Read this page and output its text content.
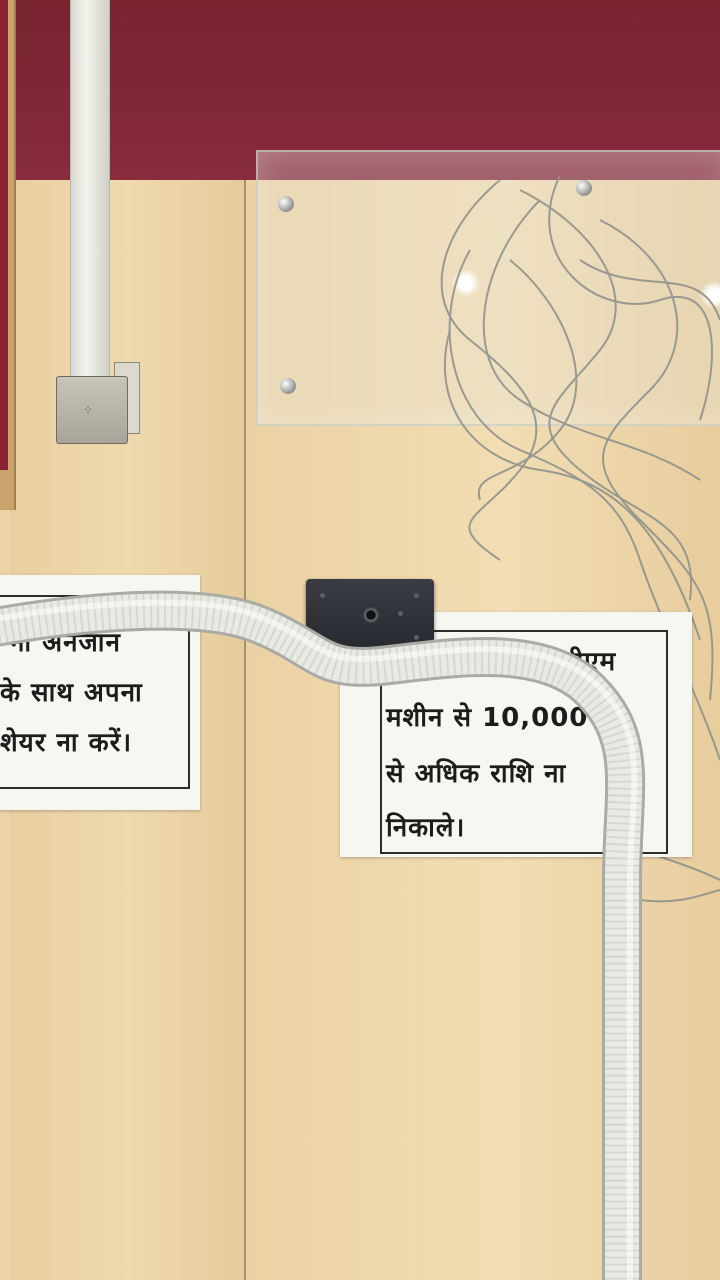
⁘
ना अनजान
के साथ अपना
शेयर ना करें।
एटीएम
मशीन से 10,000
से अधिक राशि ना
निकाले।
